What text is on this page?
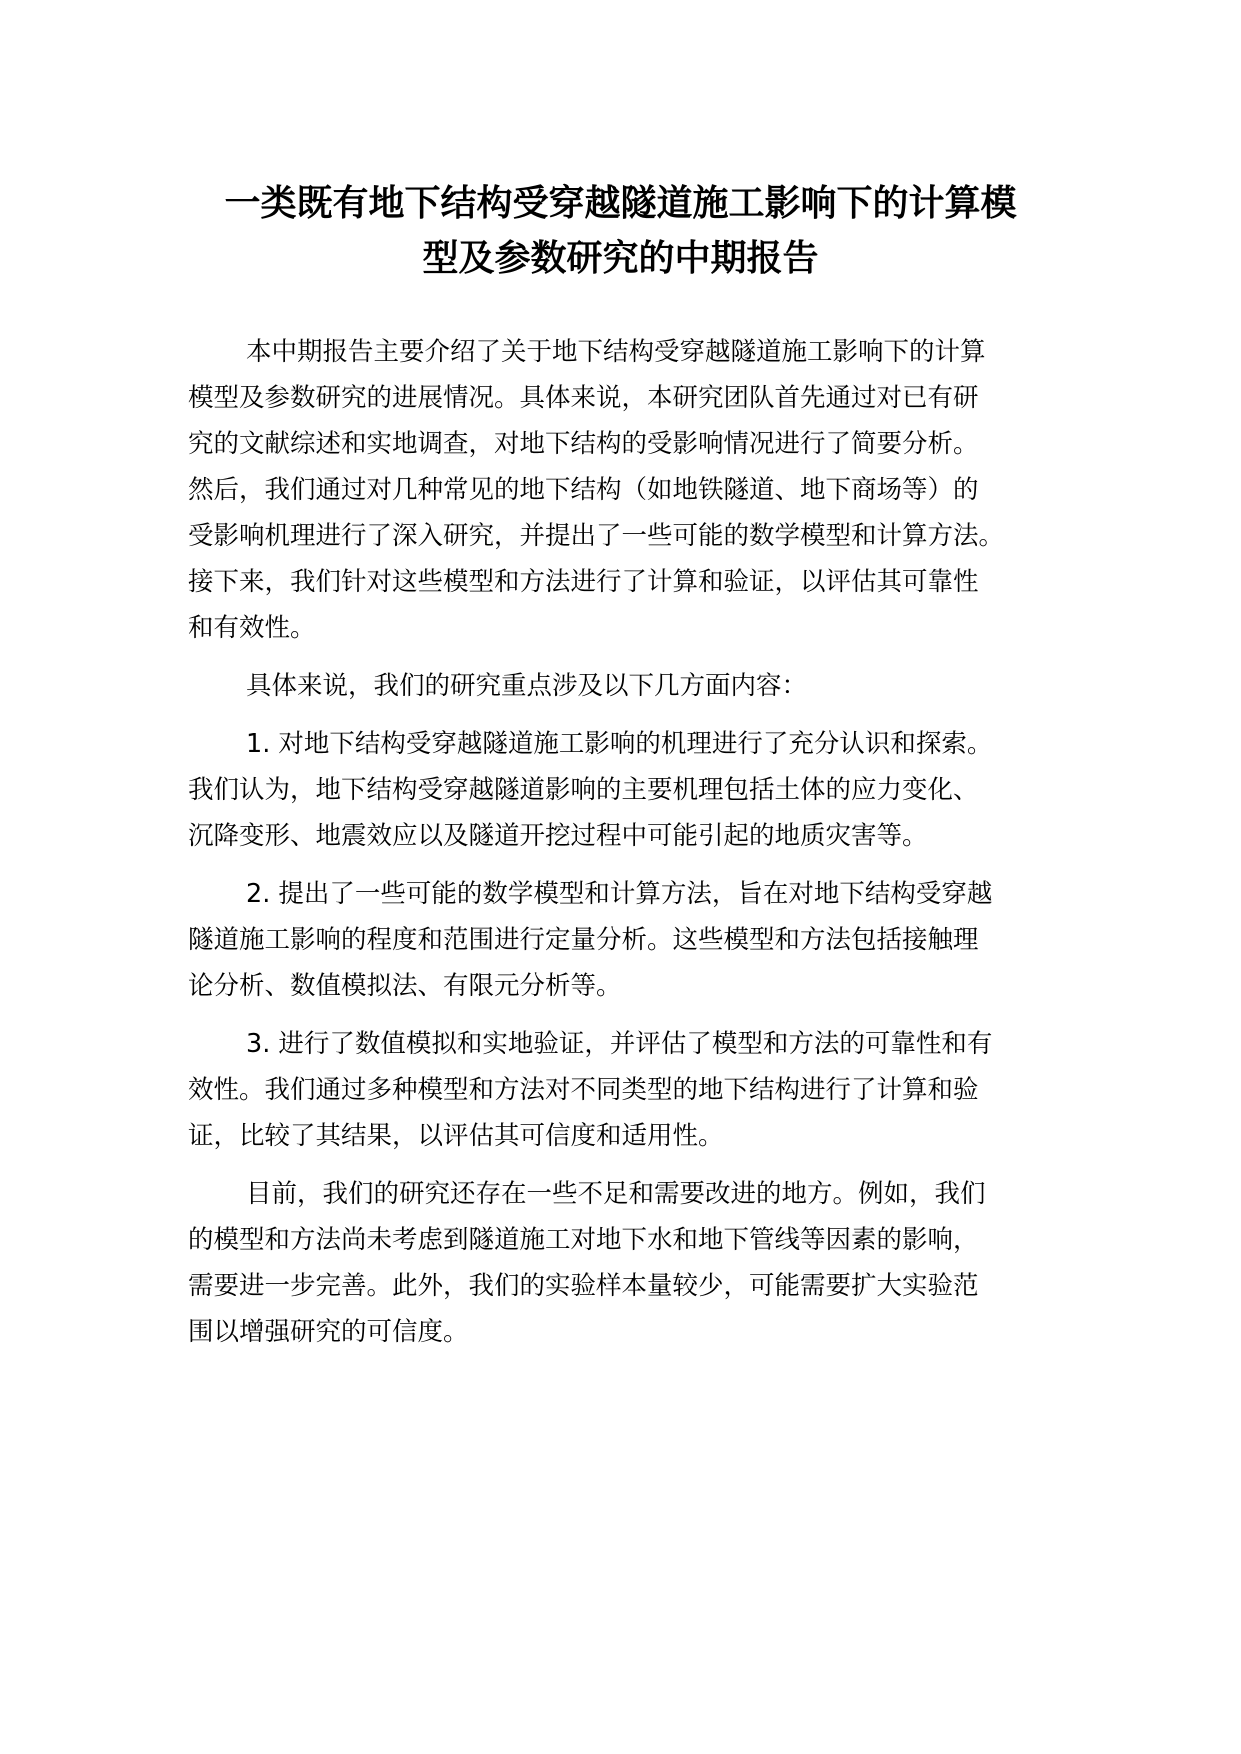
一类既有地下结构受穿越隧道施工影响下的计算模
型及参数研究的中期报告

本中期报告主要介绍了关于地下结构受穿越隧道施工影响下的计算

模型及参数研究的进展情况。具体来说，本研究团队首先通过对已有研

究的文献综述和实地调查，对地下结构的受影响情况进行了简要分析。

然后，我们通过对几种常见的地下结构（如地铁隧道、地下商场等）的

受影响机理进行了深入研究，并提出了一些可能的数学模型和计算方法。

接下来，我们针对这些模型和方法进行了计算和验证，以评估其可靠性

和有效性。

具体来说，我们的研究重点涉及以下几方面内容：

1. 对地下结构受穿越隧道施工影响的机理进行了充分认识和探索。

我们认为，地下结构受穿越隧道影响的主要机理包括土体的应力变化、

沉降变形、地震效应以及隧道开挖过程中可能引起的地质灾害等。

2. 提出了一些可能的数学模型和计算方法，旨在对地下结构受穿越

隧道施工影响的程度和范围进行定量分析。这些模型和方法包括接触理

论分析、数值模拟法、有限元分析等。

3. 进行了数值模拟和实地验证，并评估了模型和方法的可靠性和有

效性。我们通过多种模型和方法对不同类型的地下结构进行了计算和验

证，比较了其结果，以评估其可信度和适用性。

目前，我们的研究还存在一些不足和需要改进的地方。例如，我们

的模型和方法尚未考虑到隧道施工对地下水和地下管线等因素的影响，

需要进一步完善。此外，我们的实验样本量较少，可能需要扩大实验范

围以增强研究的可信度。
